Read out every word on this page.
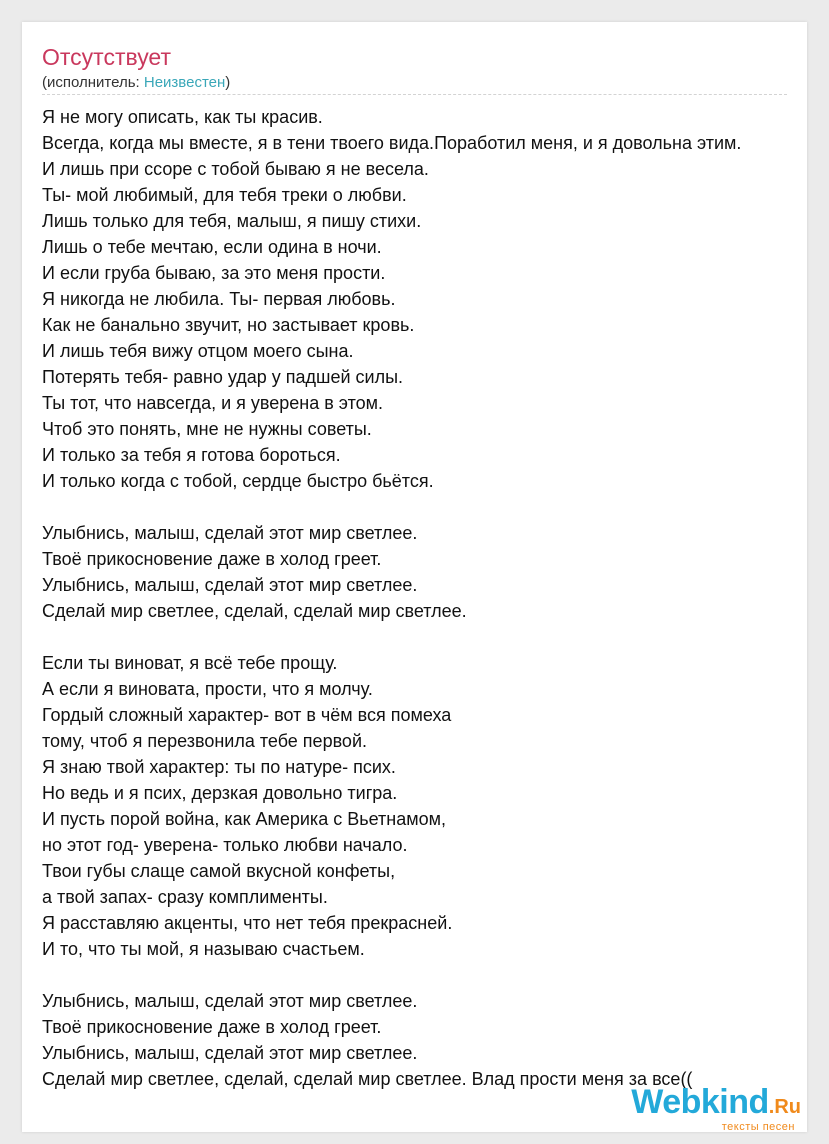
Отсутствует
(исполнитель: Неизвестен)
Я не могу описать, как ты красив.
Всегда, когда мы вместе, я в тени твоего вида.Поработил меня, и я довольна этим.
И лишь при ссоре с тобой бываю я не весела.
Ты- мой любимый, для тебя треки о любви.
Лишь только для тебя, малыш, я пишу стихи.
Лишь о тебе мечтаю, если одина в ночи.
И если груба бываю, за это меня прости.
Я никогда не любила. Ты- первая любовь.
Как не банально звучит, но застывает кровь.
И лишь тебя вижу отцом моего сына.
Потерять тебя- равно удар у падшей силы.
Ты тот, что навсегда, и я уверена в этом.
Чтоб это понять, мне не нужны советы.
И только за тебя я готова бороться.
И только когда с тобой, сердце быстро бьётся.
Улыбнись, малыш, сделай этот мир светлее.
Твоё прикосновение даже в холод греет.
Улыбнись, малыш, сделай этот мир светлее.
Сделай мир светлее, сделай, сделай мир светлее.
Если ты виноват, я всё тебе прощу.
А если я виновата, прости, что я молчу.
Гордый сложный характер- вот в чём вся помеха
тому, чтоб я перезвонила тебе первой.
Я знаю твой характер: ты по натуре- псих.
Но ведь и я псих, дерзкая довольно тигра.
И пусть порой война, как Америка с Вьетнамом,
но этот год- уверена- только любви начало.
Твои губы слаще самой вкусной конфеты,
а твой запах- сразу комплименты.
Я расставляю акценты, что нет тебя прекрасней.
И то, что ты мой, я называю счастьем.
Улыбнись, малыш, сделай этот мир светлее.
Твоё прикосновение даже в холод греет.
Улыбнись, малыш, сделай этот мир светлее.
Сделай мир светлее, сделай, сделай мир светлее. Влад прости меня за все((
Webkind.Ru
тексты песен
